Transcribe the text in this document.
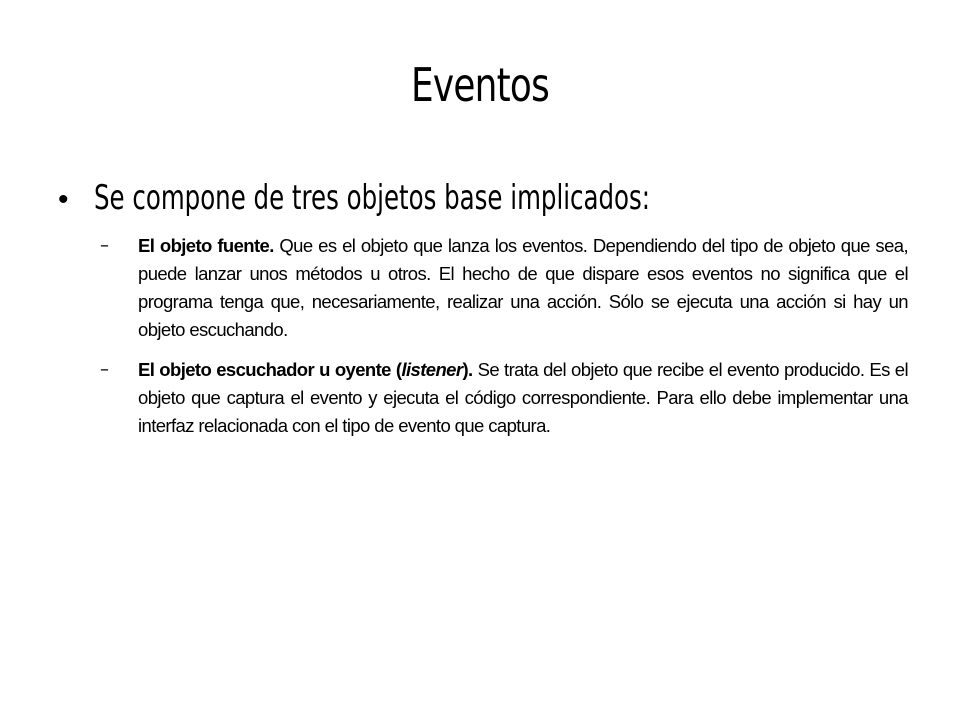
Eventos
• Se compone de tres objetos base implicados:
–	El objeto fuente. Que es el objeto que lanza los eventos. Dependiendo del tipo de objeto que sea, puede lanzar unos métodos u otros. El hecho de que dispare esos eventos no significa que el programa tenga que, necesariamente, realizar una acción. Sólo se ejecuta una acción si hay un objeto escuchando.
–	El objeto escuchador u oyente (listener). Se trata del objeto que recibe el evento producido. Es el objeto que captura el evento y ejecuta el código correspondiente. Para ello debe implementar una interfaz relacionada con el tipo de evento que captura.
